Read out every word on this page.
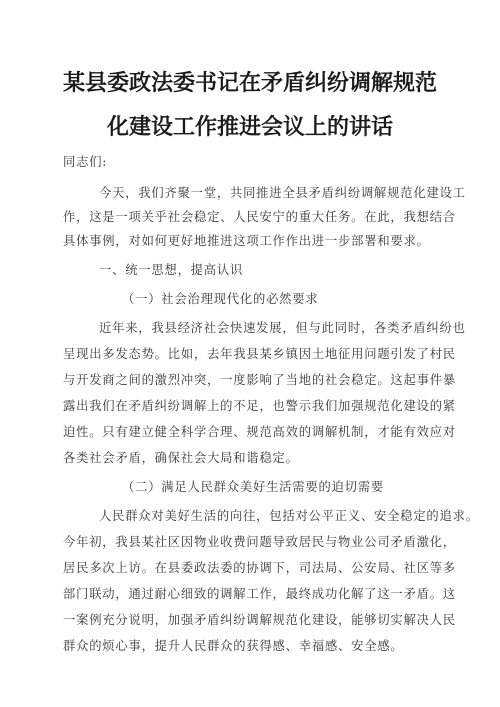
某县委政法委书记在矛盾纠纷调解规范
化建设工作推进会议上的讲话
同志们:
今天，我们齐聚一堂，共同推进全县矛盾纠纷调解规范化建设工
作，这是一项关乎社会稳定、人民安宁的重大任务。在此，我想结合
具体事例，对如何更好地推进这项工作作出进一步部署和要求。
一、统一思想，提高认识
（一）社会治理现代化的必然要求
近年来，我县经济社会快速发展，但与此同时，各类矛盾纠纷也
呈现出多发态势。比如，去年我县某乡镇因土地征用问题引发了村民
与开发商之间的激烈冲突，一度影响了当地的社会稳定。这起事件暴
露出我们在矛盾纠纷调解上的不足，也警示我们加强规范化建设的紧
迫性。只有建立健全科学合理、规范高效的调解机制，才能有效应对
各类社会矛盾，确保社会大局和谐稳定。
（二）满足人民群众美好生活需要的迫切需要
人民群众对美好生活的向往，包括对公平正义、安全稳定的追求。
今年初，我县某社区因物业收费问题导致居民与物业公司矛盾激化，
居民多次上访。在县委政法委的协调下，司法局、公安局、社区等多
部门联动，通过耐心细致的调解工作，最终成功化解了这一矛盾。这
一案例充分说明，加强矛盾纠纷调解规范化建设，能够切实解决人民
群众的烦心事，提升人民群众的获得感、幸福感、安全感。
